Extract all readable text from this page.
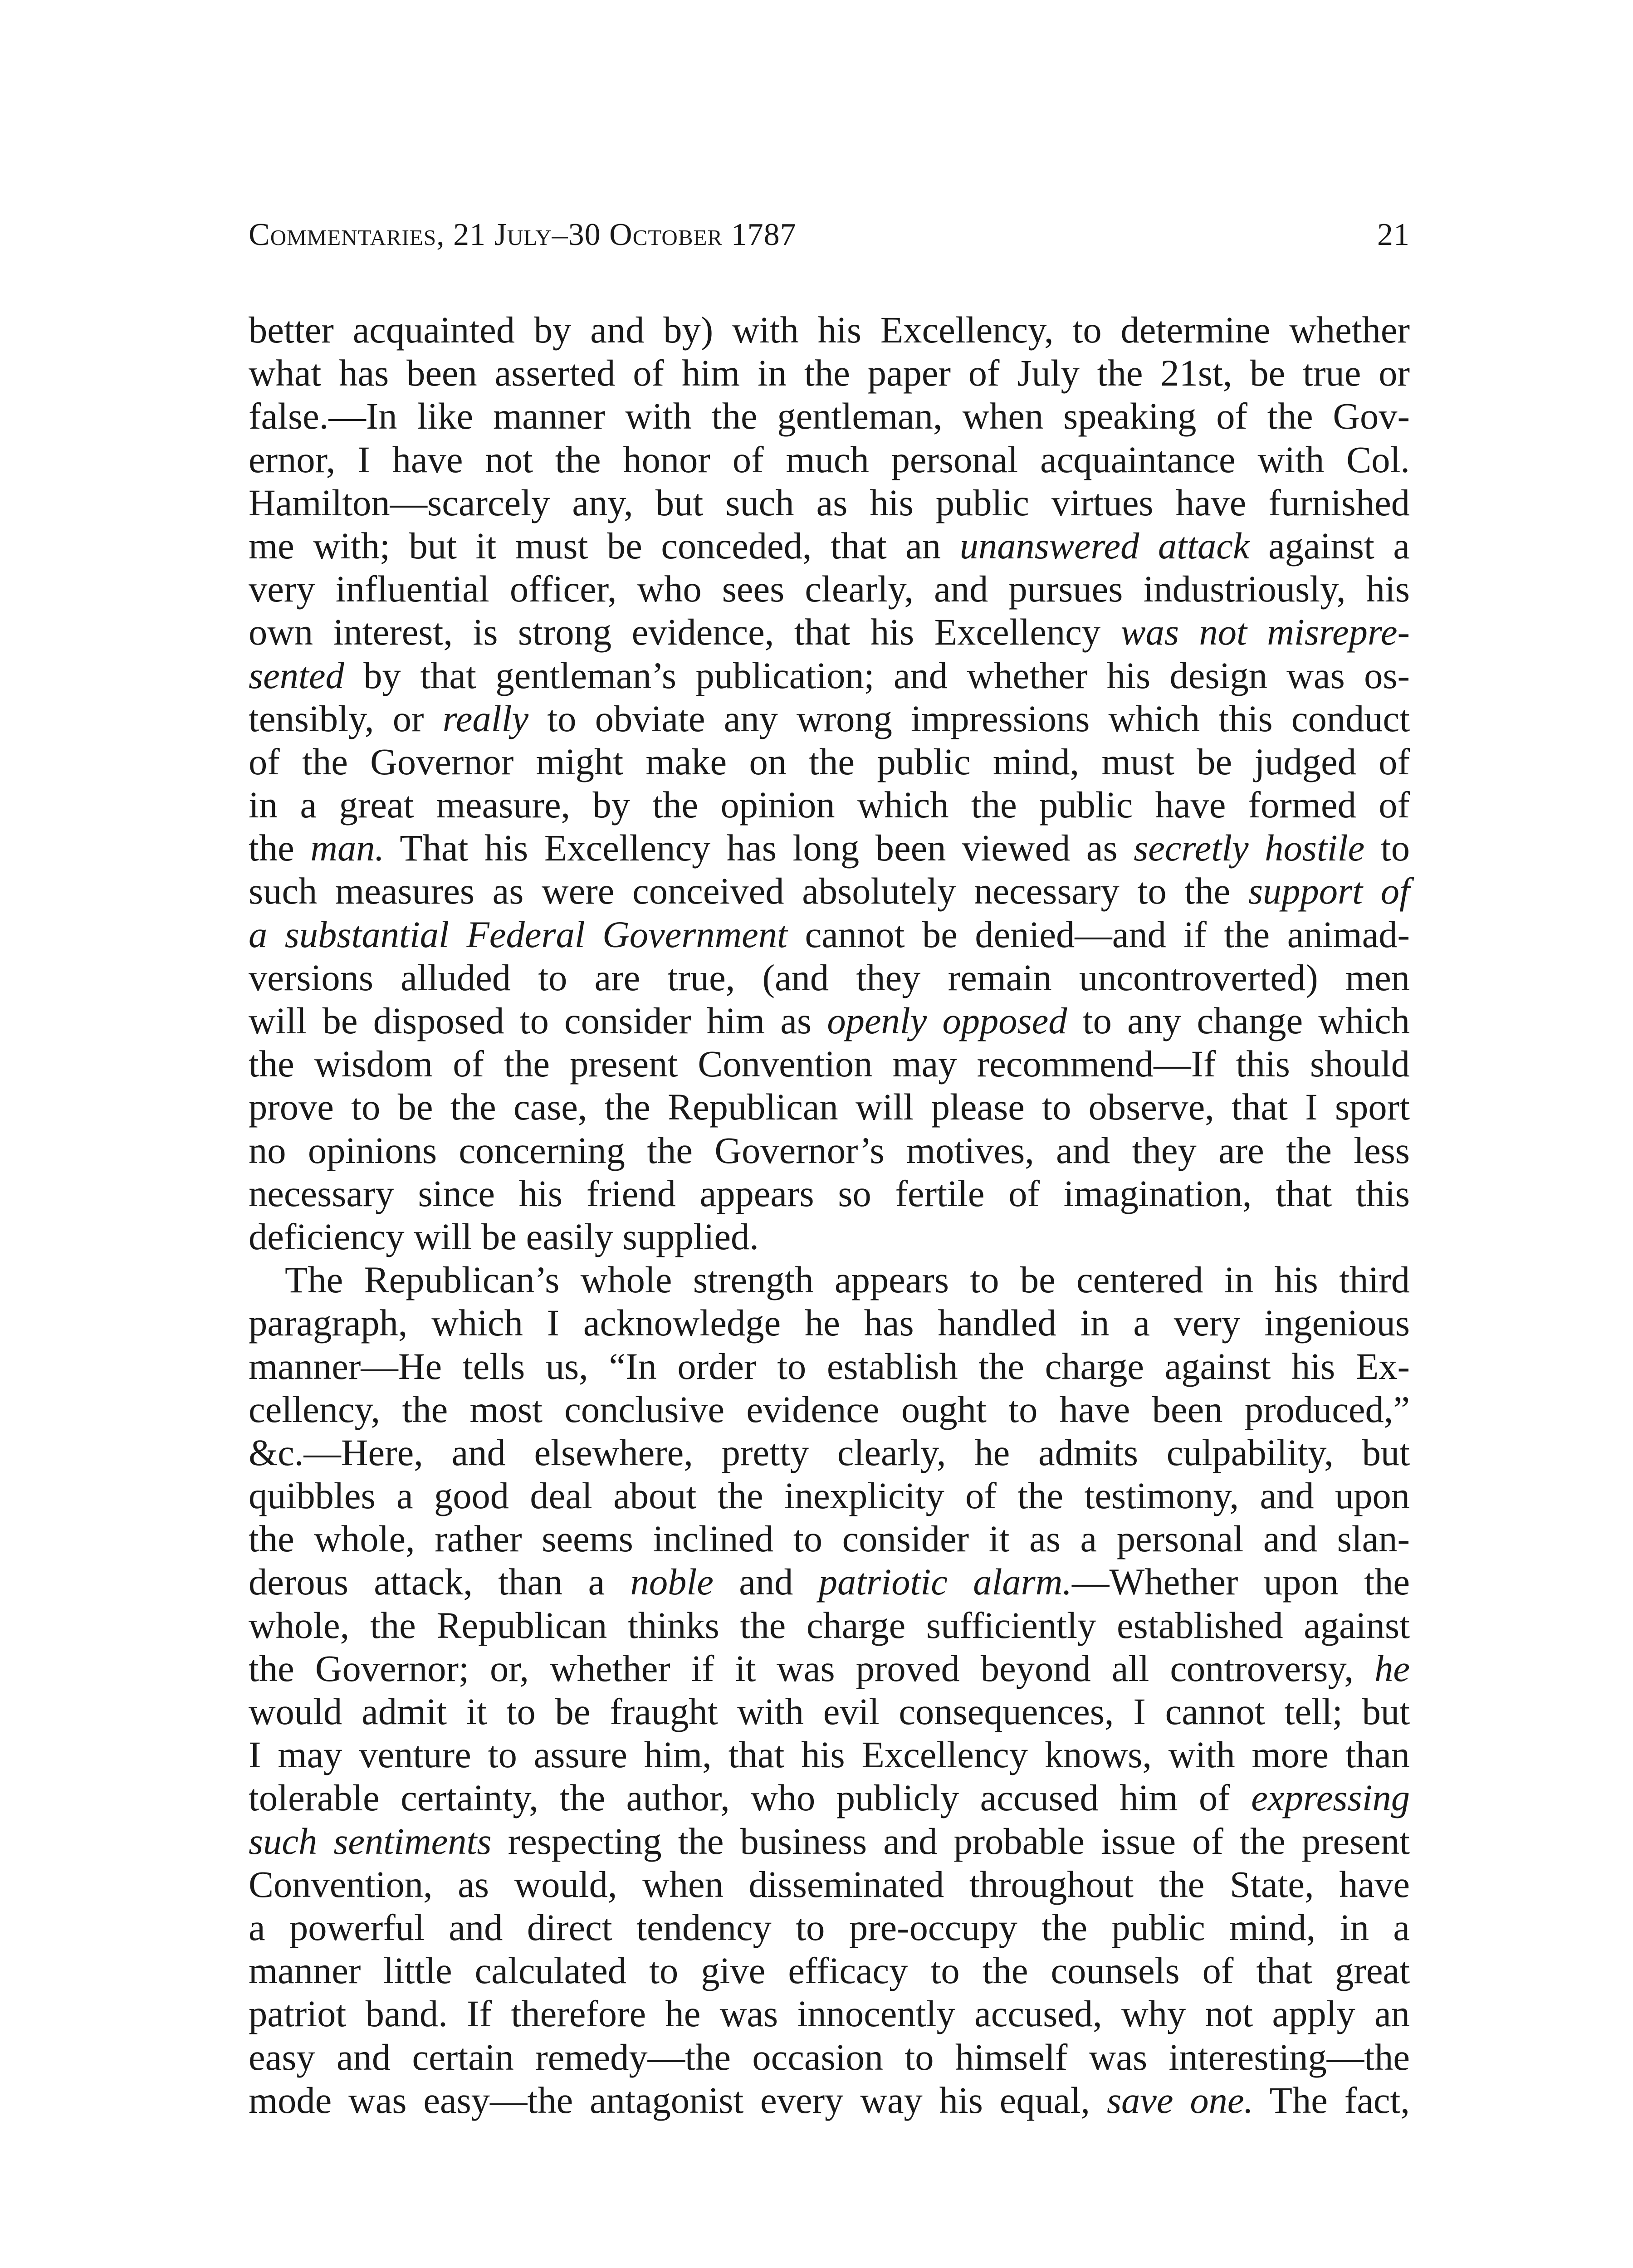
Commentaries, 21 July–30 October 1787	21
better acquainted by and by) with his Excellency, to determine whether
what has been asserted of him in the paper of July the 21st, be true or
false.—In like manner with the gentleman, when speaking of the Gov-
ernor, I have not the honor of much personal acquaintance with Col.
Hamilton—scarcely any, but such as his public virtues have furnished
me with; but it must be conceded, that an unanswered attack against a
very influential officer, who sees clearly, and pursues industriously, his
own interest, is strong evidence, that his Excellency was not misrepre-
sented by that gentleman’s publication; and whether his design was os-
tensibly, or really to obviate any wrong impressions which this conduct
of the Governor might make on the public mind, must be judged of
in a great measure, by the opinion which the public have formed of
the man. That his Excellency has long been viewed as secretly hostile to
such measures as were conceived absolutely necessary to the support of
a substantial Federal Government cannot be denied—and if the animad-
versions alluded to are true, (and they remain uncontroverted) men
will be disposed to consider him as openly opposed to any change which
the wisdom of the present Convention may recommend—If this should
prove to be the case, the Republican will please to observe, that I sport
no opinions concerning the Governor’s motives, and they are the less
necessary since his friend appears so fertile of imagination, that this
deficiency will be easily supplied.
The Republican’s whole strength appears to be centered in his third
paragraph, which I acknowledge he has handled in a very ingenious
manner—He tells us, “In order to establish the charge against his Ex-
cellency, the most conclusive evidence ought to have been produced,”
&c.—Here, and elsewhere, pretty clearly, he admits culpability, but
quibbles a good deal about the inexplicity of the testimony, and upon
the whole, rather seems inclined to consider it as a personal and slan-
derous attack, than a noble and patriotic alarm.—Whether upon the
whole, the Republican thinks the charge sufficiently established against
the Governor; or, whether if it was proved beyond all controversy, he
would admit it to be fraught with evil consequences, I cannot tell; but
I may venture to assure him, that his Excellency knows, with more than
tolerable certainty, the author, who publicly accused him of expressing
such sentiments respecting the business and probable issue of the present
Convention, as would, when disseminated throughout the State, have
a powerful and direct tendency to pre-occupy the public mind, in a
manner little calculated to give efficacy to the counsels of that great
patriot band. If therefore he was innocently accused, why not apply an
easy and certain remedy—the occasion to himself was interesting—the
mode was easy—the antagonist every way his equal, save one. The fact,
